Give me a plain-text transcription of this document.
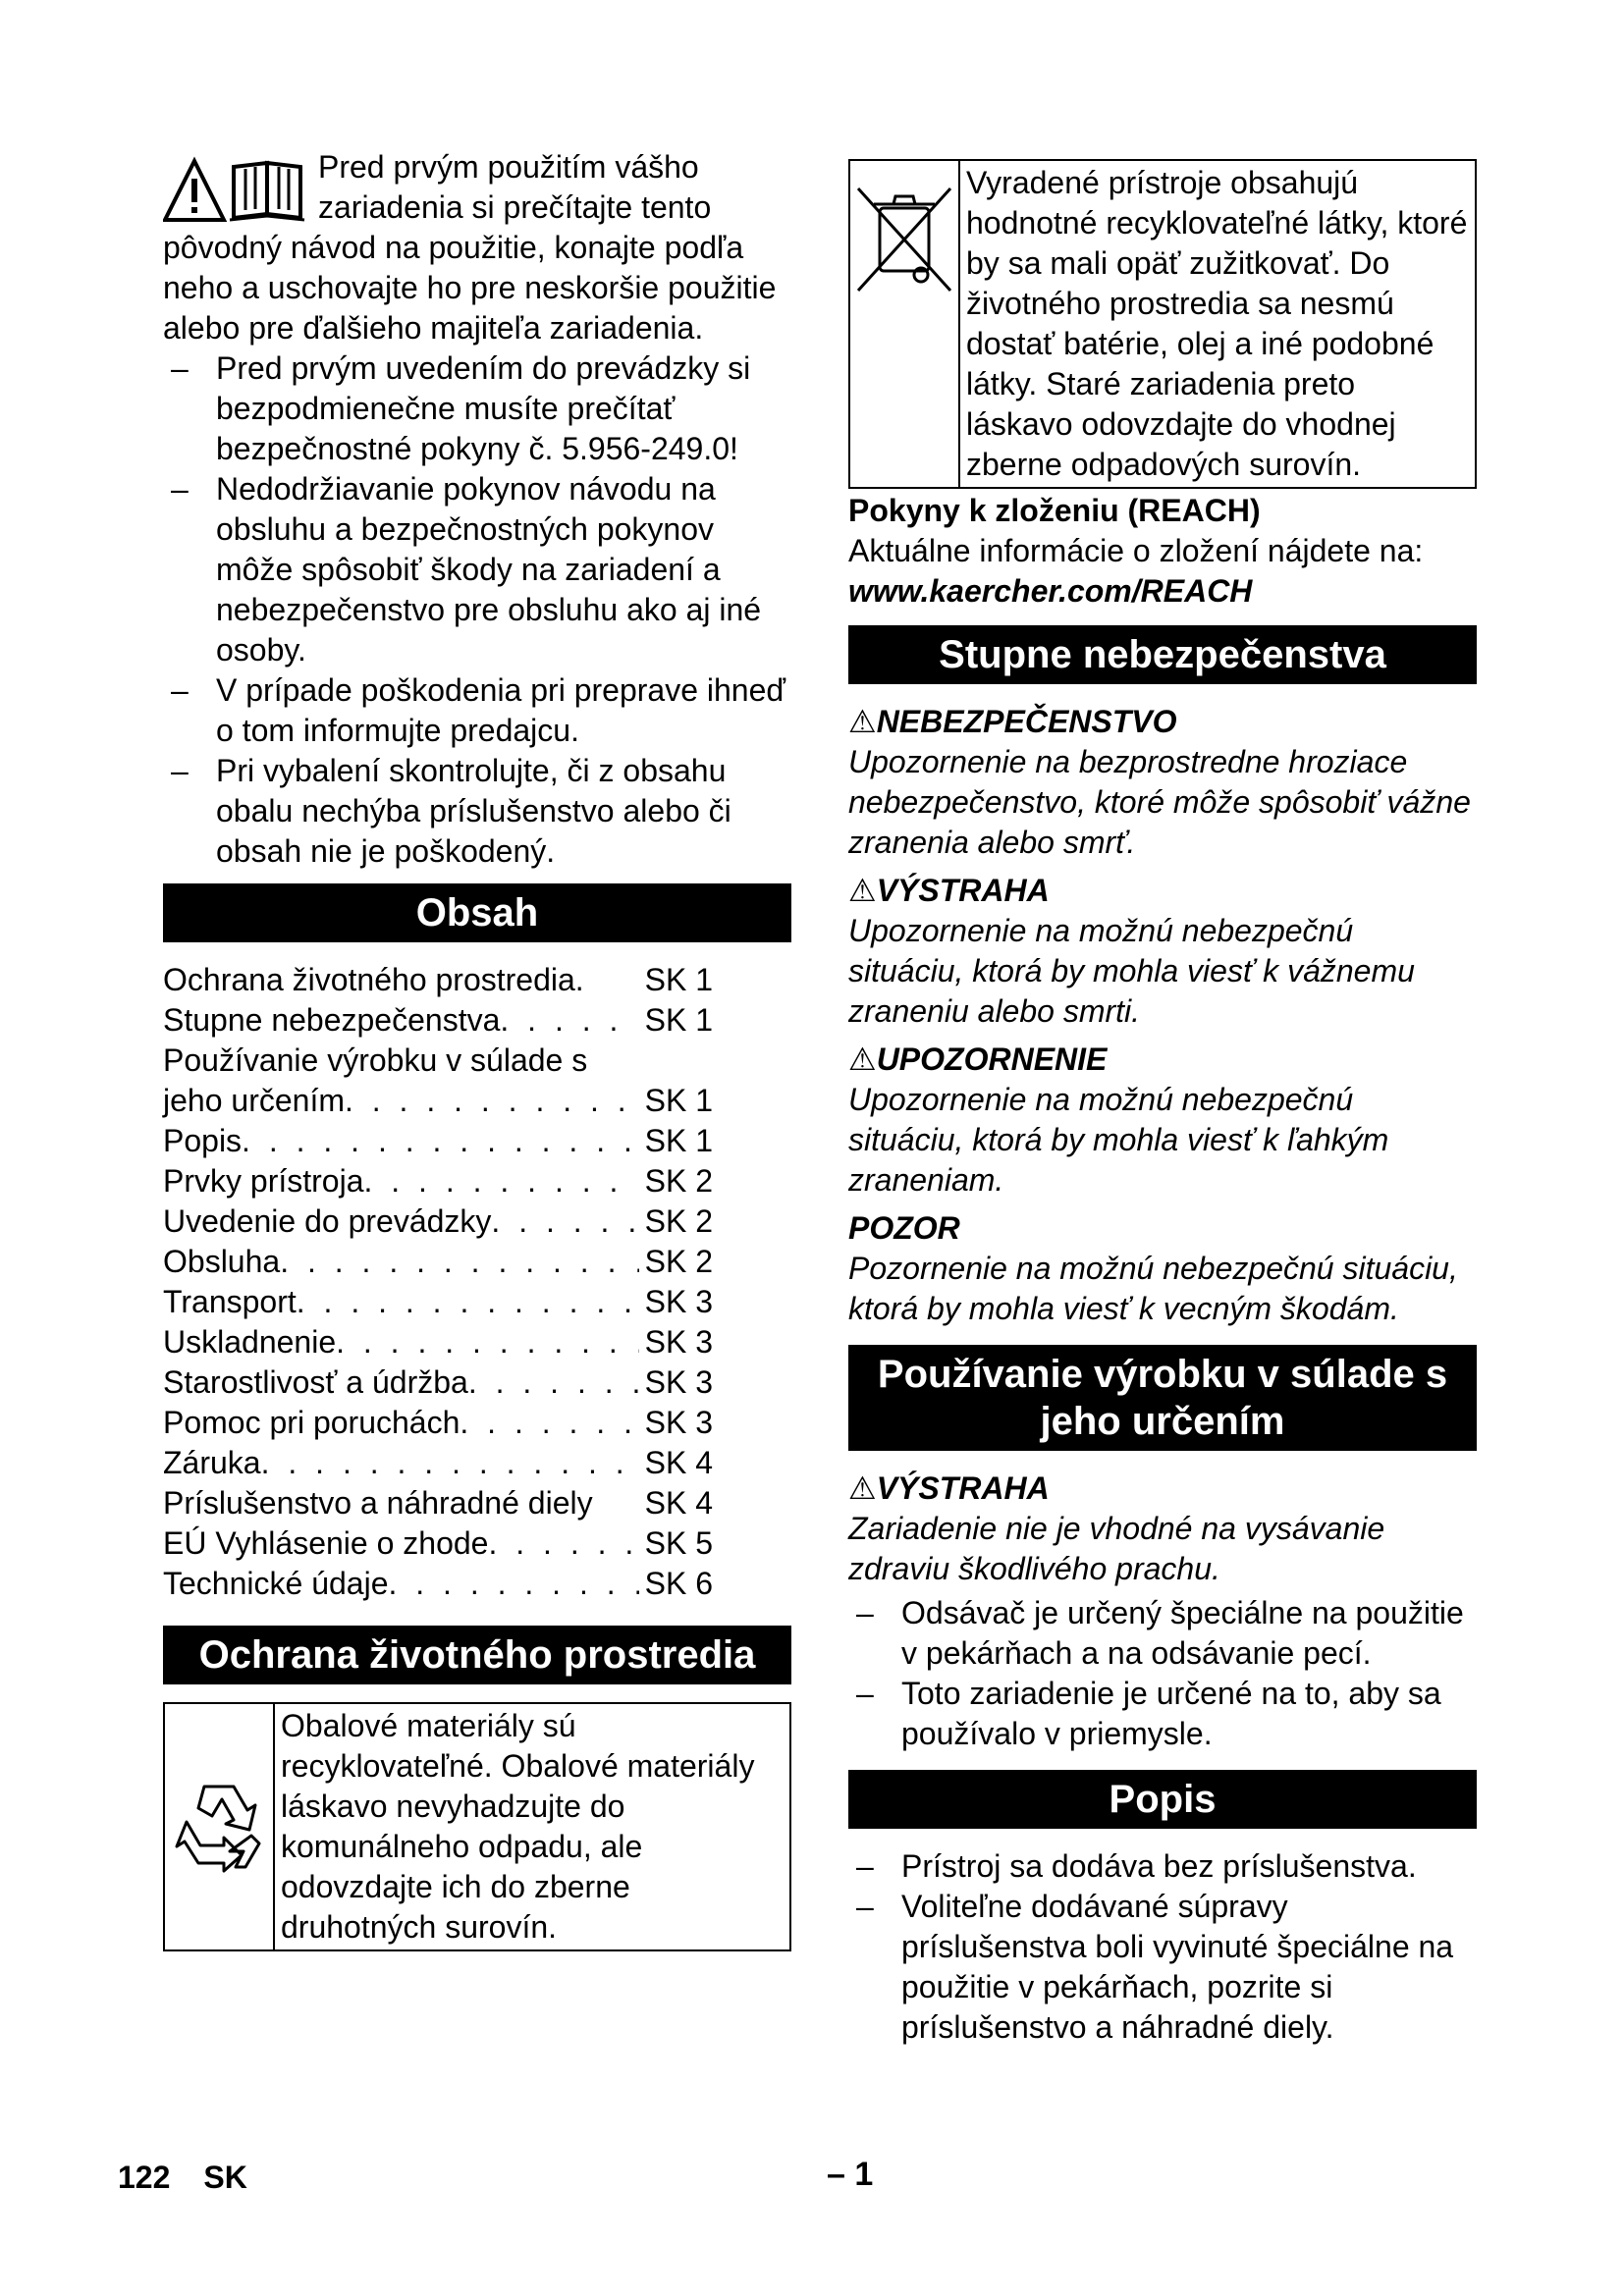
Pred prvým použitím vášho zariadenia si prečítajte tento pôvodný návod na použitie, konajte podľa neho a uschovajte ho pre neskoršie použitie alebo pre ďalšieho majiteľa zariadenia.

– Pred prvým uvedením do prevádzky si bezpodmienečne musíte prečítať bezpečnostné pokyny č. 5.956-249.0!
– Nedodržiavanie pokynov návodu na obsluhu a bezpečnostných pokynov môže spôsobiť škody na zariadení a nebezpečenstvo pre obsluhu ako aj iné osoby.
– V prípade poškodenia pri preprave ihneď o tom informujte predajcu.
– Pri vybalení skontrolujte, či z obsahu obalu nechýba príslušenstvo alebo či obsah nie je poškodený.
Obsah
Ochrana životného prostredia. SK 1
Stupne nebezpečenstva . . .	SK 1
Používanie výrobku v súlade s
jeho určením . . .	SK 1
Popis . . .	SK 1
Prvky prístroja . . .	SK 2
Uvedenie do prevádzky . . .	SK 2
Obsluha . . .	SK 2
Transport . . .	SK 3
Uskladnenie . . .	SK 3
Starostlivosť a údržba . . .	SK 3
Pomoc pri poruchách . . .	SK 3
Záruka . . .	SK 4
Príslušenstvo a náhradné diely SK 4
EÚ Vyhlásenie o zhode . . .	SK 5
Technické údaje . . .	SK 6
Ochrana životného prostredia
Obalové materiály sú recyklovateľné. Obalové materiály láskavo nevyhadzujte do komunálneho odpadu, ale odovzdajte ich do zberne druhotných surovín.
Vyradené prístroje obsahujú hodnotné recyklovateľné látky, ktoré by sa mali opäť zužitkovať. Do životného prostredia sa nesmú dostať batérie, olej a iné podobné látky. Staré zariadenia preto láskavo odovzdajte do vhodnej zberne odpadových surovín.

Pokyny k zloženiu (REACH)

Aktuálne informácie o zložení nájdete na:

www.kaercher.com/REACH

Stupne nebezpečenstva

⚠NEBEZPEČENSTVO

Upozornenie na bezprostredne hroziace nebezpečenstvo, ktoré môže spôsobiť vážne zranenia alebo smrť.

⚠VÝSTRAHA

Upozornenie na možnú nebezpečnú situáciu, ktorá by mohla viesť k vážnemu zraneniu alebo smrti.

⚠UPOZORNENIE

Upozornenie na možnú nebezpečnú situáciu, ktorá by mohla viesť k ľahkým zraneniam.

POZOR

Pozornenie na možnú nebezpečnú situáciu, ktorá by mohla viesť k vecným škodám.

Používanie výrobku v súlade s jeho určením

⚠VÝSTRAHA

Zariadenie nie je vhodné na vysávanie zdraviu škodlivého prachu.

– Odsávač je určený špeciálne na použitie v pekárňach a na odsávanie pecí.
– Toto zariadenie je určené na to, aby sa používalo v priemysle.
Popis
– Prístroj sa dodáva bez príslušenstva.
– Voliteľne dodávané súpravy príslušenstva boli vyvinuté špeciálne na použitie v pekárňach, pozrite si príslušenstvo a náhradné diely.
122 SK	– 1
